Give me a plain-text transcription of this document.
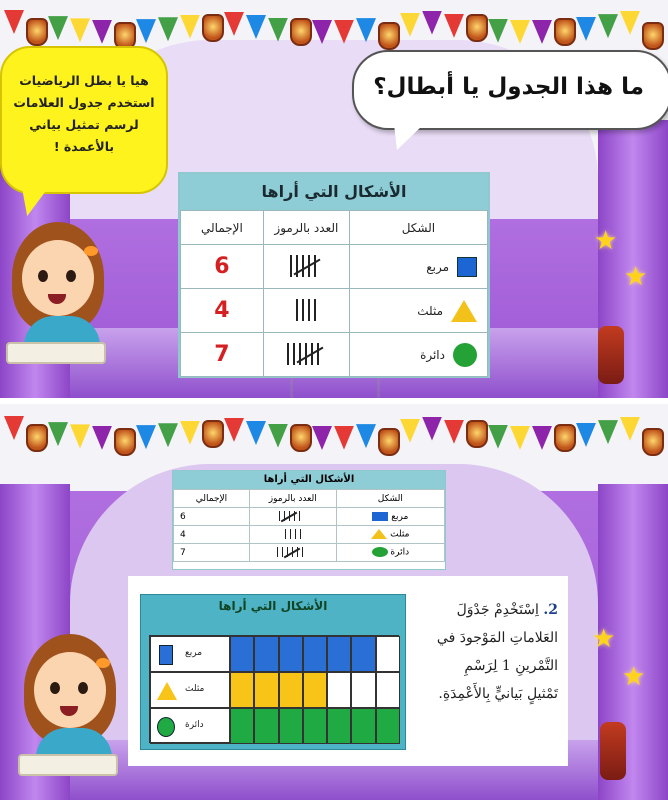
هيا يا بطل الرياضيات
استخدم جدول العلامات
لرسم تمثيل بياني
بالأعمدة !
ما هذا الجدول يا أبطال؟
الأشكال التي أراها
الشكل	العدد بالرموز	الإجمالي

مربع		6

مثلث		4

دائرة		7
★
★
★
★
الأشكال التي أراها
الشكل	العدد بالرموز	الإجمالي
مربع		6
مثلث		4
دائرة		7
الأشكال التي أراها
مربع
مثلث
دائرة
2. اِسْتَخْدِمْ جَدْوَلَ
العَلاماتِ المَوْجودَ في
التَّمْرينِ 1 لِرَسْمِ
تَمْثيلٍ بَيانيٍّ بِالأَعْمِدَةِ.
